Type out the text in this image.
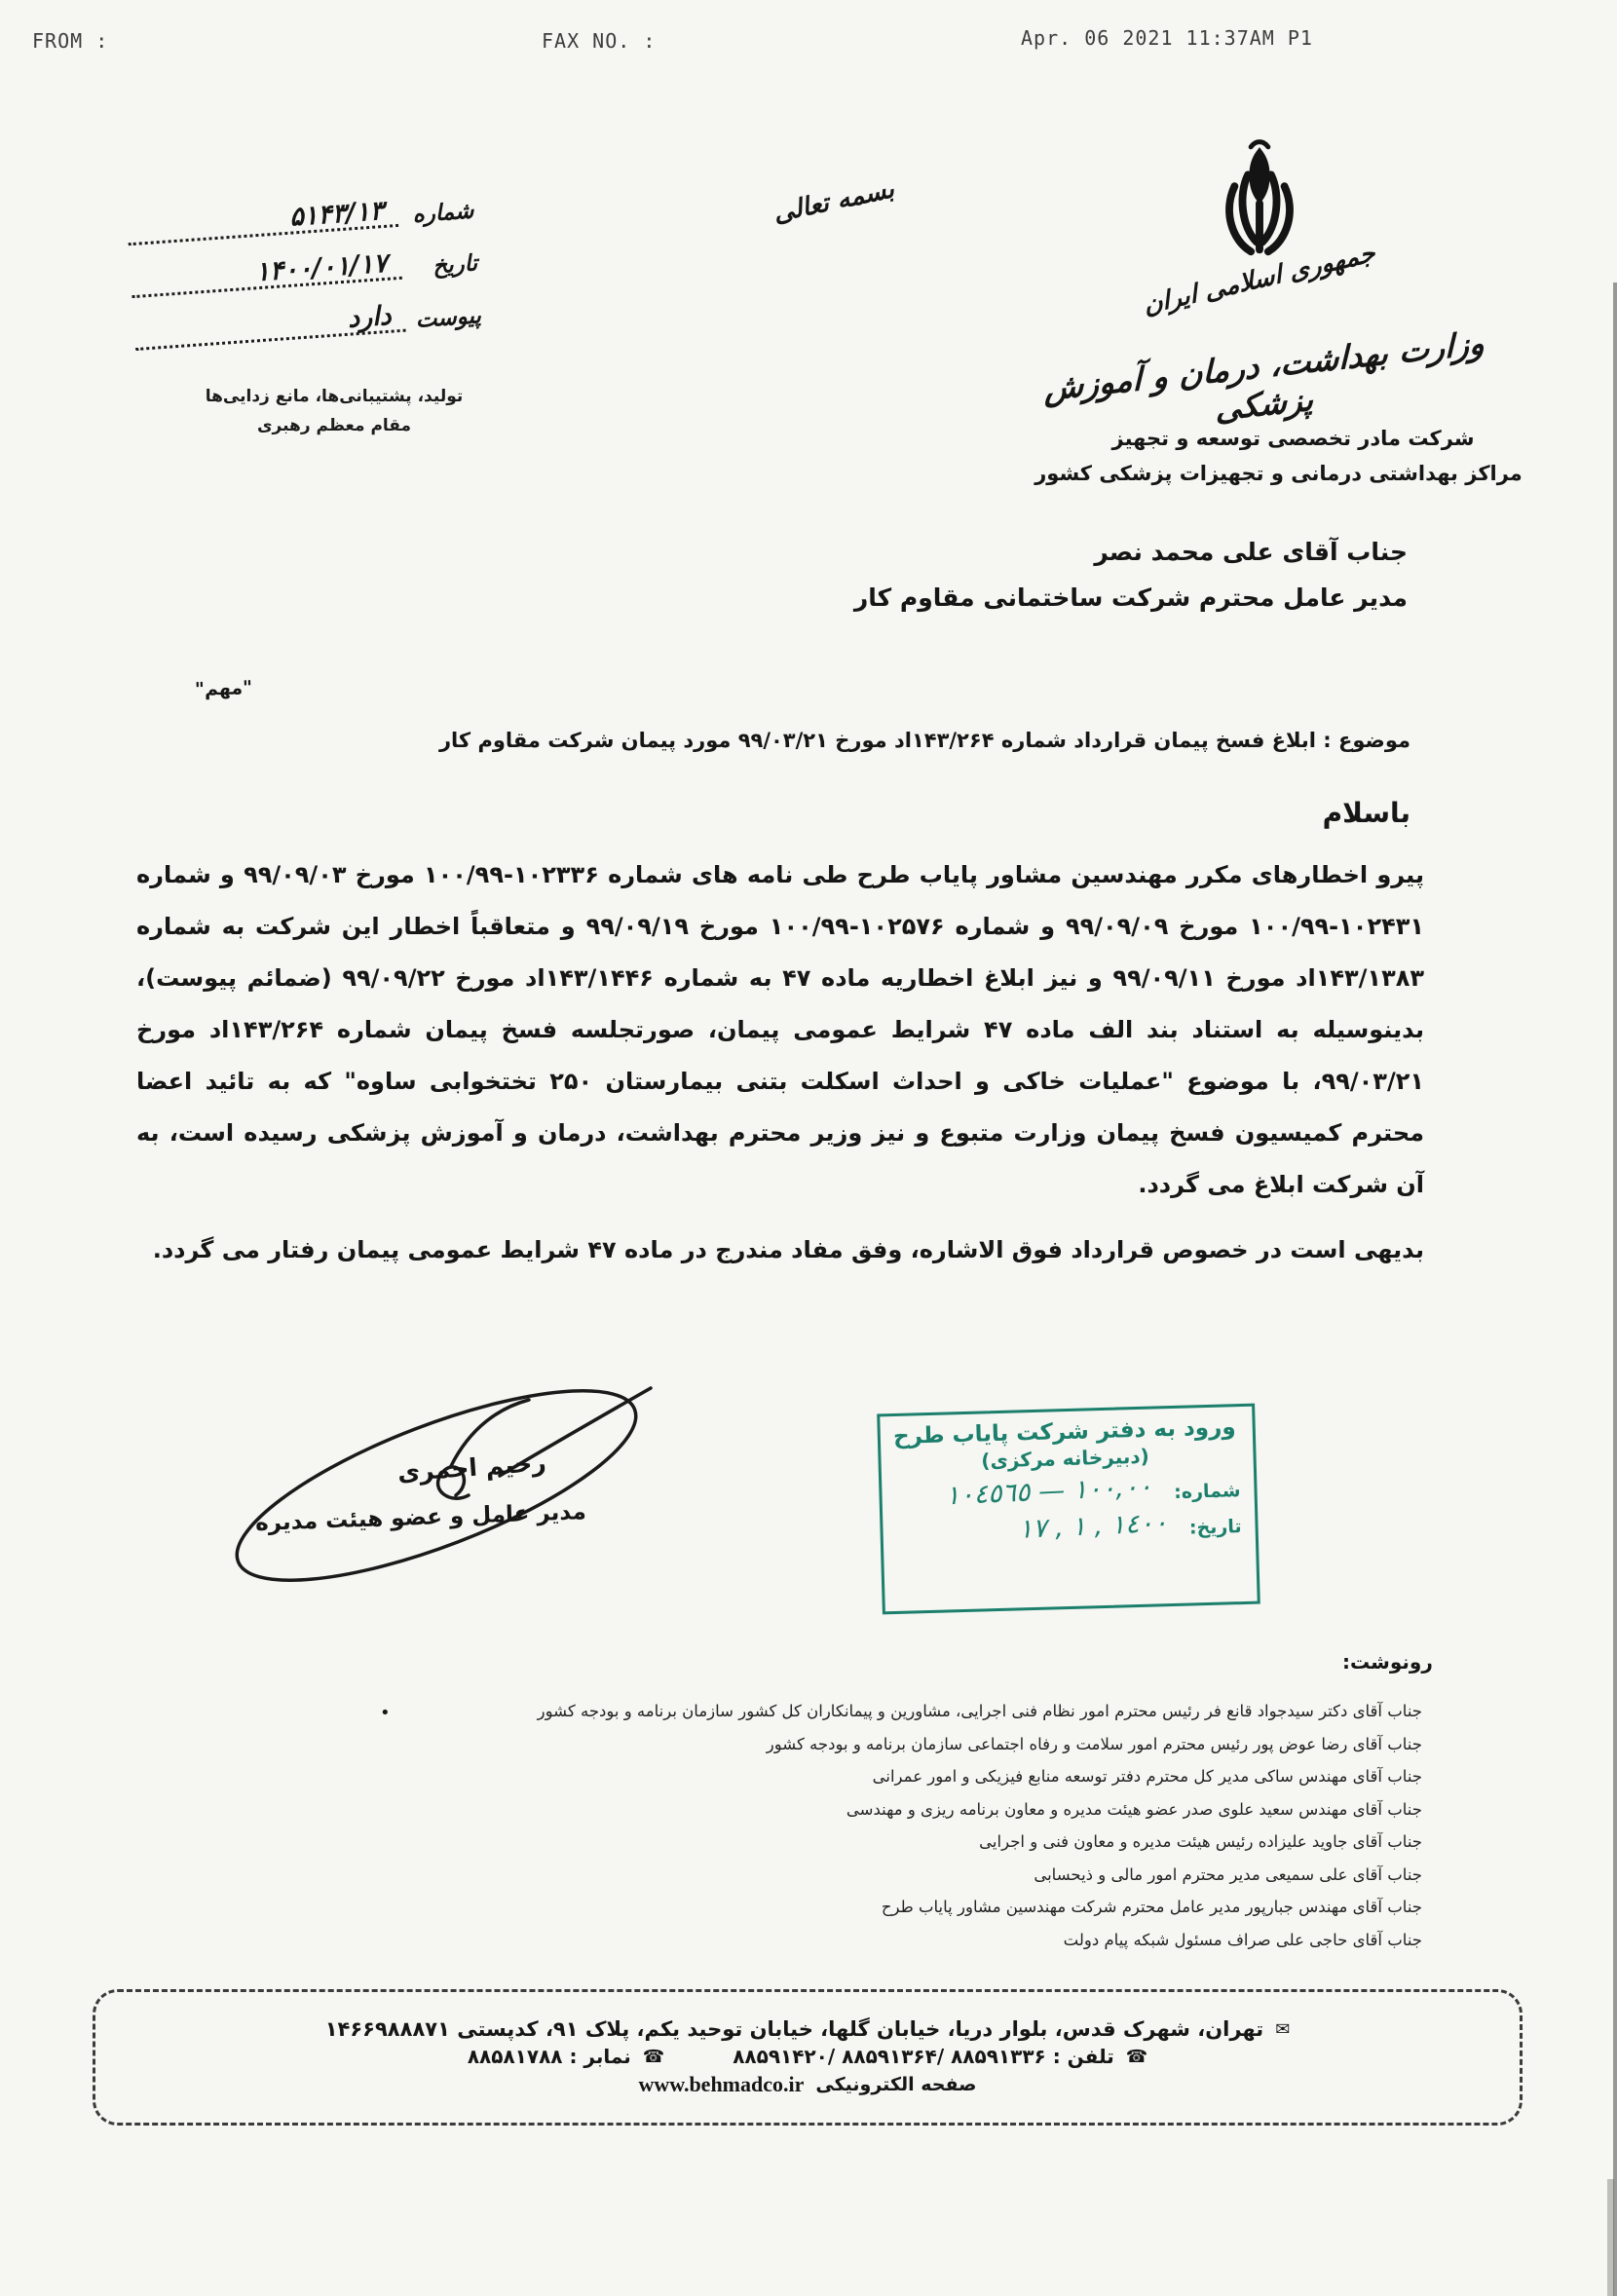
FROM :	FAX NO. :	Apr. 06 2021 11:37AM P1
شماره
۵۱۴۳/۱۳
تاریخ
۱۴۰۰/۰۱/۱۷
پیوست
دارد
تولید، پشتیبانی‌ها، مانع زدایی‌ها
مقام معظم رهبری
بسمه تعالی
جمهوری اسلامی ایران
وزارت بهداشت، درمان و آموزش پزشکی
شرکت مادر تخصصی توسعه و تجهیز
مراکز بهداشتی درمانی و تجهیزات پزشکی کشور
جناب آقای علی محمد نصر
مدیر عامل محترم شرکت ساختمانی مقاوم کار
"مهم"
موضوع : ابلاغ فسخ پیمان قرارداد شماره ۱۴۳/۲۶۴اد مورخ ۹۹/۰۳/۲۱ مورد پیمان شرکت مقاوم کار
باسلام

پیرو اخطارهای مکرر مهندسین مشاور پایاب طرح طی نامه های شماره ۱۰۲۳۳۶-۱۰۰/۹۹ مورخ ۹۹/۰۹/۰۳ و شماره ۱۰۲۴۳۱-۱۰۰/۹۹ مورخ ۹۹/۰۹/۰۹ و شماره ۱۰۲۵۷۶-۱۰۰/۹۹ مورخ ۹۹/۰۹/۱۹ و متعاقباً اخطار این شرکت به شماره ۱۴۳/۱۳۸۳اد مورخ ۹۹/۰۹/۱۱ و نیز ابلاغ اخطاریه ماده ۴۷ به شماره ۱۴۳/۱۴۴۶اد مورخ ۹۹/۰۹/۲۲ (ضمائم پیوست)، بدینوسیله به استناد بند الف ماده ۴۷ شرایط عمومی پیمان، صورتجلسه فسخ پیمان شماره ۱۴۳/۲۶۴اد مورخ ۹۹/۰۳/۲۱، با موضوع "عملیات خاکی و احداث اسکلت بتنی بیمارستان ۲۵۰ تختخوابی ساوه" که به تائید اعضا محترم کمیسیون فسخ پیمان وزارت متبوع و نیز وزیر محترم بهداشت، درمان و آموزش پزشکی رسیده است، به آن شرکت ابلاغ می گردد.

بدیهی است در خصوص قرارداد فوق الاشاره، وفق مفاد مندرج در ماده ۴۷ شرایط عمومی پیمان رفتار می گردد.

رحیم احمری
مدیر عامل و عضو هیئت مدیره
ورود به دفتر شرکت پایاب طرح
(دبیرخانه مرکزی)
شماره:
١٠٠,٠٠ — ١٠٤٥٦٥
تاریخ:
١٤٠٠ , ١ , ١٧
رونوشت:
•	جناب آقای دکتر سیدجواد قانع فر رئیس محترم امور نظام فنی اجرایی، مشاورین و پیمانکاران کل کشور سازمان برنامه و بودجه کشور
جناب آقای رضا عوض پور رئیس محترم امور سلامت و رفاه اجتماعی سازمان برنامه و بودجه کشور
جناب آقای مهندس ساکی مدیر کل محترم دفتر توسعه منابع فیزیکی و امور عمرانی
جناب آقای مهندس سعید علوی صدر عضو هیئت مدیره و معاون برنامه ریزی و مهندسی
جناب آقای جاوید علیزاده رئیس هیئت مدیره و معاون فنی و اجرایی
جناب آقای علی سمیعی مدیر محترم امور مالی و ذیحسابی
جناب آقای مهندس جبارپور مدیر عامل محترم شرکت مهندسین مشاور پایاب طرح
جناب آقای حاجی علی صراف مسئول شبکه پیام دولت
✉
تهران، شهرک قدس، بلوار دریا، خیابان گلها، خیابان توحید یکم، پلاک ۹۱، کدپستی ۱۴۶۶۹۸۸۸۷۱
☎
تلفن : ۸۸۵۹۱۳۳۶ /۸۸۵۹۱۳۶۴ /۸۸۵۹۱۴۲۰
☎
نمابر : ۸۸۵۸۱۷۸۸
صفحه الکترونیکی
www.behmadco.ir
